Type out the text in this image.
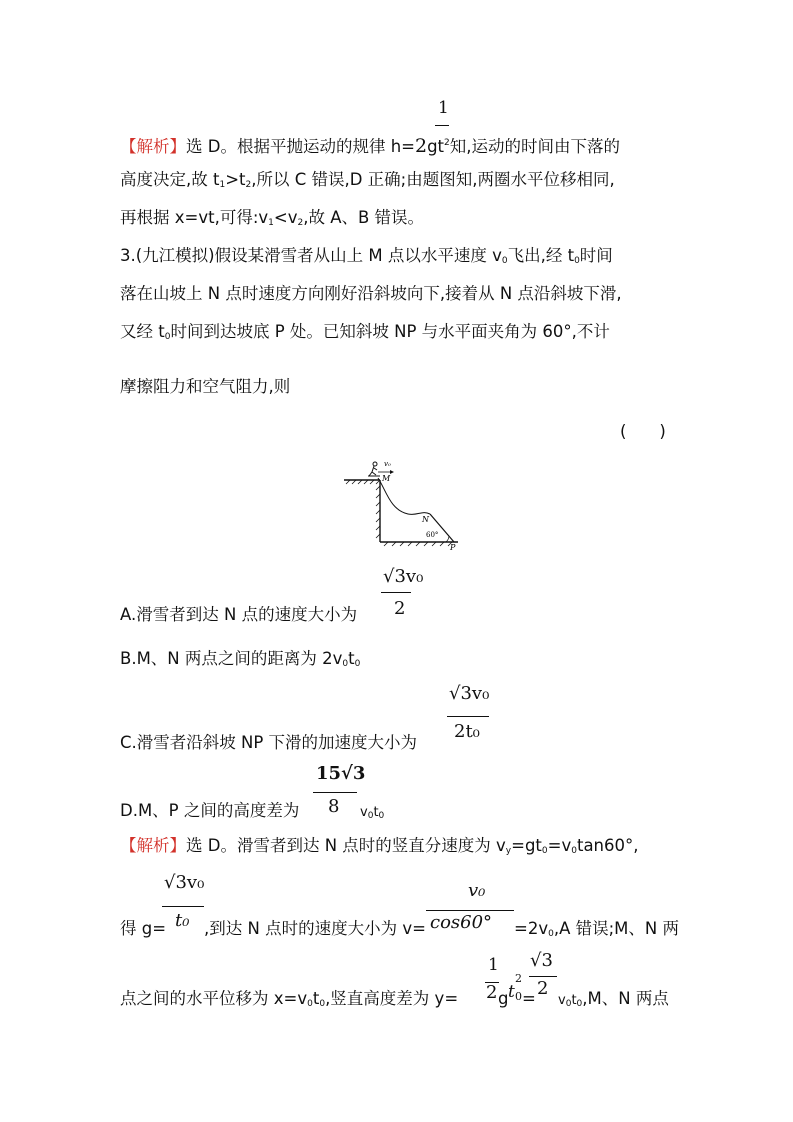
1
【解析】选 D。根据平抛运动的规律 $h=2gt^2$知,运动的时间由下落的
高度决定,故 $t_1>t_2$,所以 C 错误,D 正确;由题图知,两圈水平位移相同,
再根据 x=vt,可得$:v_1<v_2$,故 A、B 错误。
3.(九江模拟)假设某滑雪者从山上 M 点以水平速度 $v_0$飞出,经 $t_0$时间
落在山坡上 N 点时速度方向刚好沿斜坡向下,接着从 N 点沿斜坡下滑,
又经 $t_0$时间到达坡底 P 处。已知斜坡 NP 与水平面夹角为 60°,不计
摩擦阻力和空气阻力,则
(　　)
v₀
M
N
60°
P
A.滑雪者到达 N 点的速度大小为
√3v₀
2
B.M、N 两点之间的距离为 $2v_0t_0$
√3v₀
2t₀
C.滑雪者沿斜坡 NP 下滑的加速度大小为
15√3
8
D.M、P 之间的高度差为	$v_0t_0$
【解析】选 D。滑雪者到达 N 点时的竖直分速度为 $v_y=gt_0=v_0\tan 60^\circ$,
√3v₀
t₀
v₀
cos60°
得 g= ,到达 N 点时的速度大小为 v=	$=2v_0,A$ 错误;M、N 两
1 √3
点之间的水平位移为 $x=v_0t_0$,竖直高度差为 y= 2 g t
2
0 = 2
$v_0t_0,M$、N 两点
